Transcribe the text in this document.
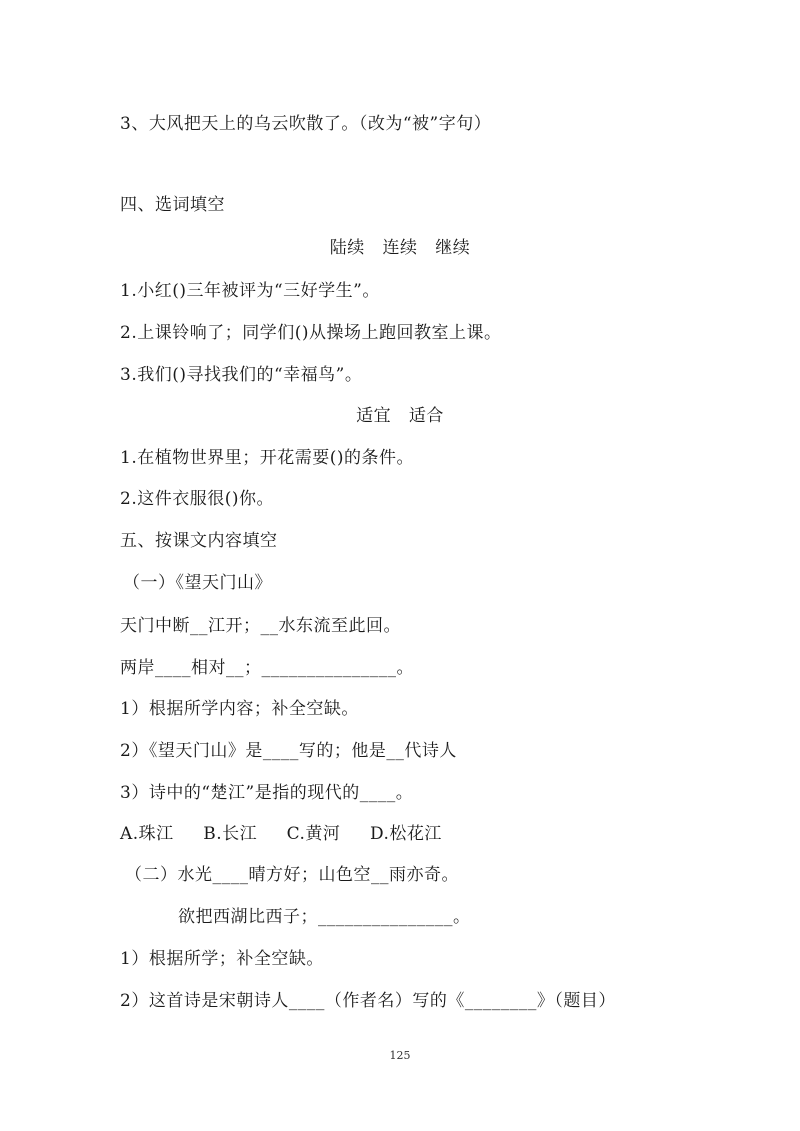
3、大风把天上的乌云吹散了。（改为“被”字句）
四、选词填空
陆续   连续   继续
1.小红()三年被评为“三好学生”。
2.上课铃响了；同学们()从操场上跑回教室上课。
3.我们()寻找我们的“幸福鸟”。
适宜   适合
1.在植物世界里；开花需要()的条件。
2.这件衣服很()你。
五、按课文内容填空
（一）《望天门山》
天门中断__江开；__水东流至此回。
两岸____相对__；_______________。
1）根据所学内容；补全空缺。
2）《望天门山》是____写的；他是__代诗人
3）诗中的“楚江”是指的现代的____。
A.珠江     B.长江     C.黄河     D.松花江
（二）水光____晴方好；山色空__雨亦奇。
欲把西湖比西子；_______________。
1）根据所学；补全空缺。
2）这首诗是宋朝诗人____（作者名）写的《________》（题目）
125
